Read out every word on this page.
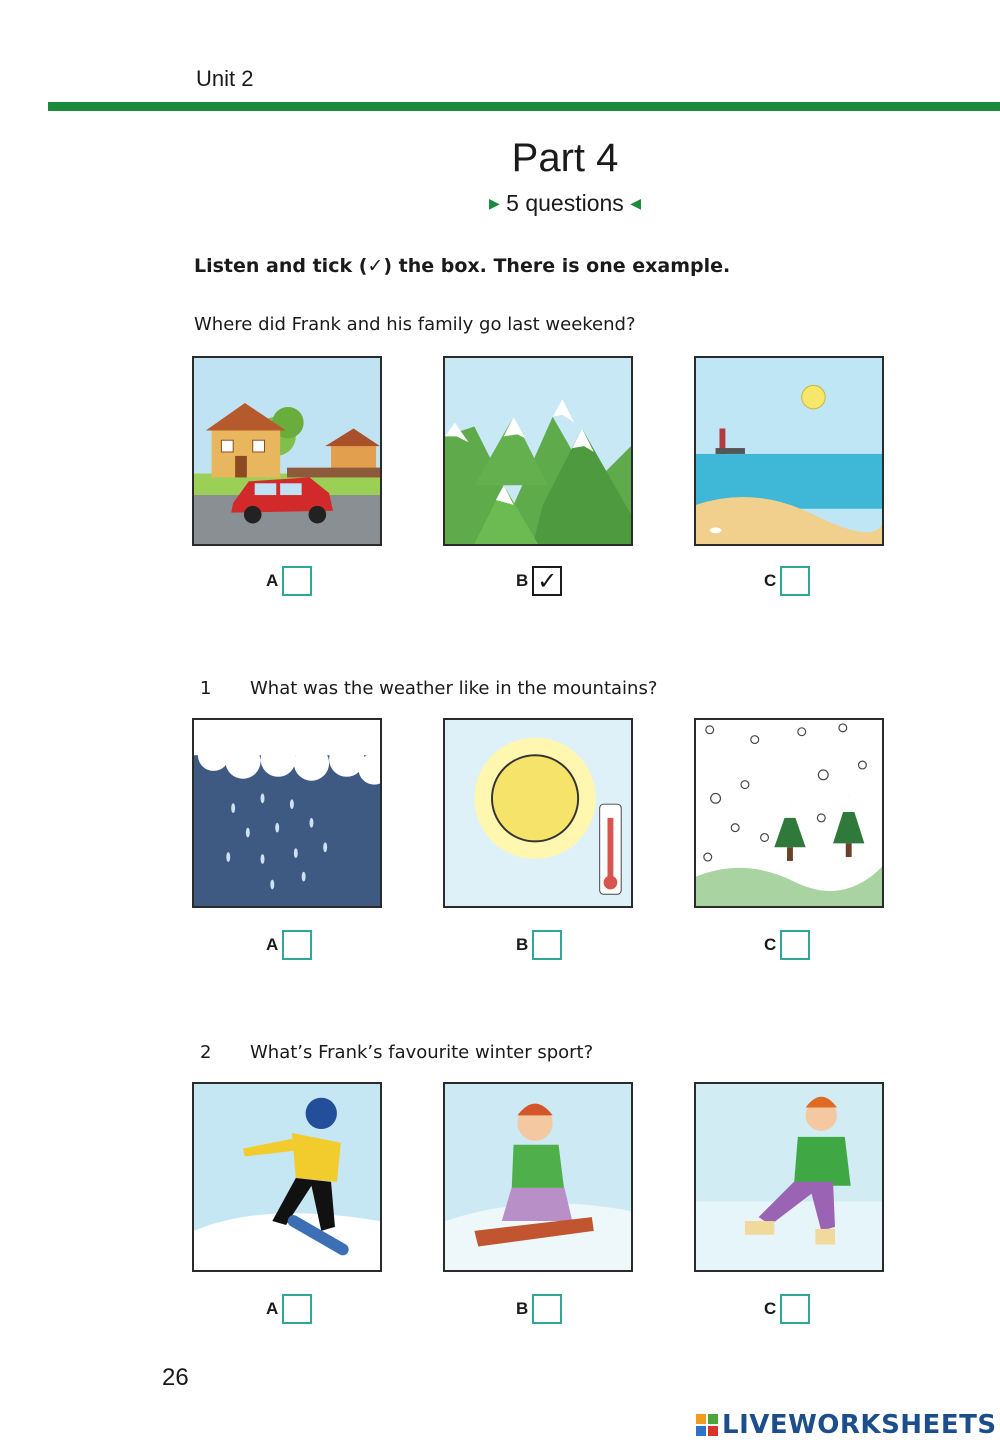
Unit 2
Part 4
▶ 5 questions ◀
Listen and tick (✓) the box. There is one example.
Where did Frank and his family go last weekend?
A	B ✓	C
1 What was the weather like in the mountains?
A	B	C
2 What’s Frank’s favourite winter sport?
A	B	C
26
LIVEWORKSHEETS
